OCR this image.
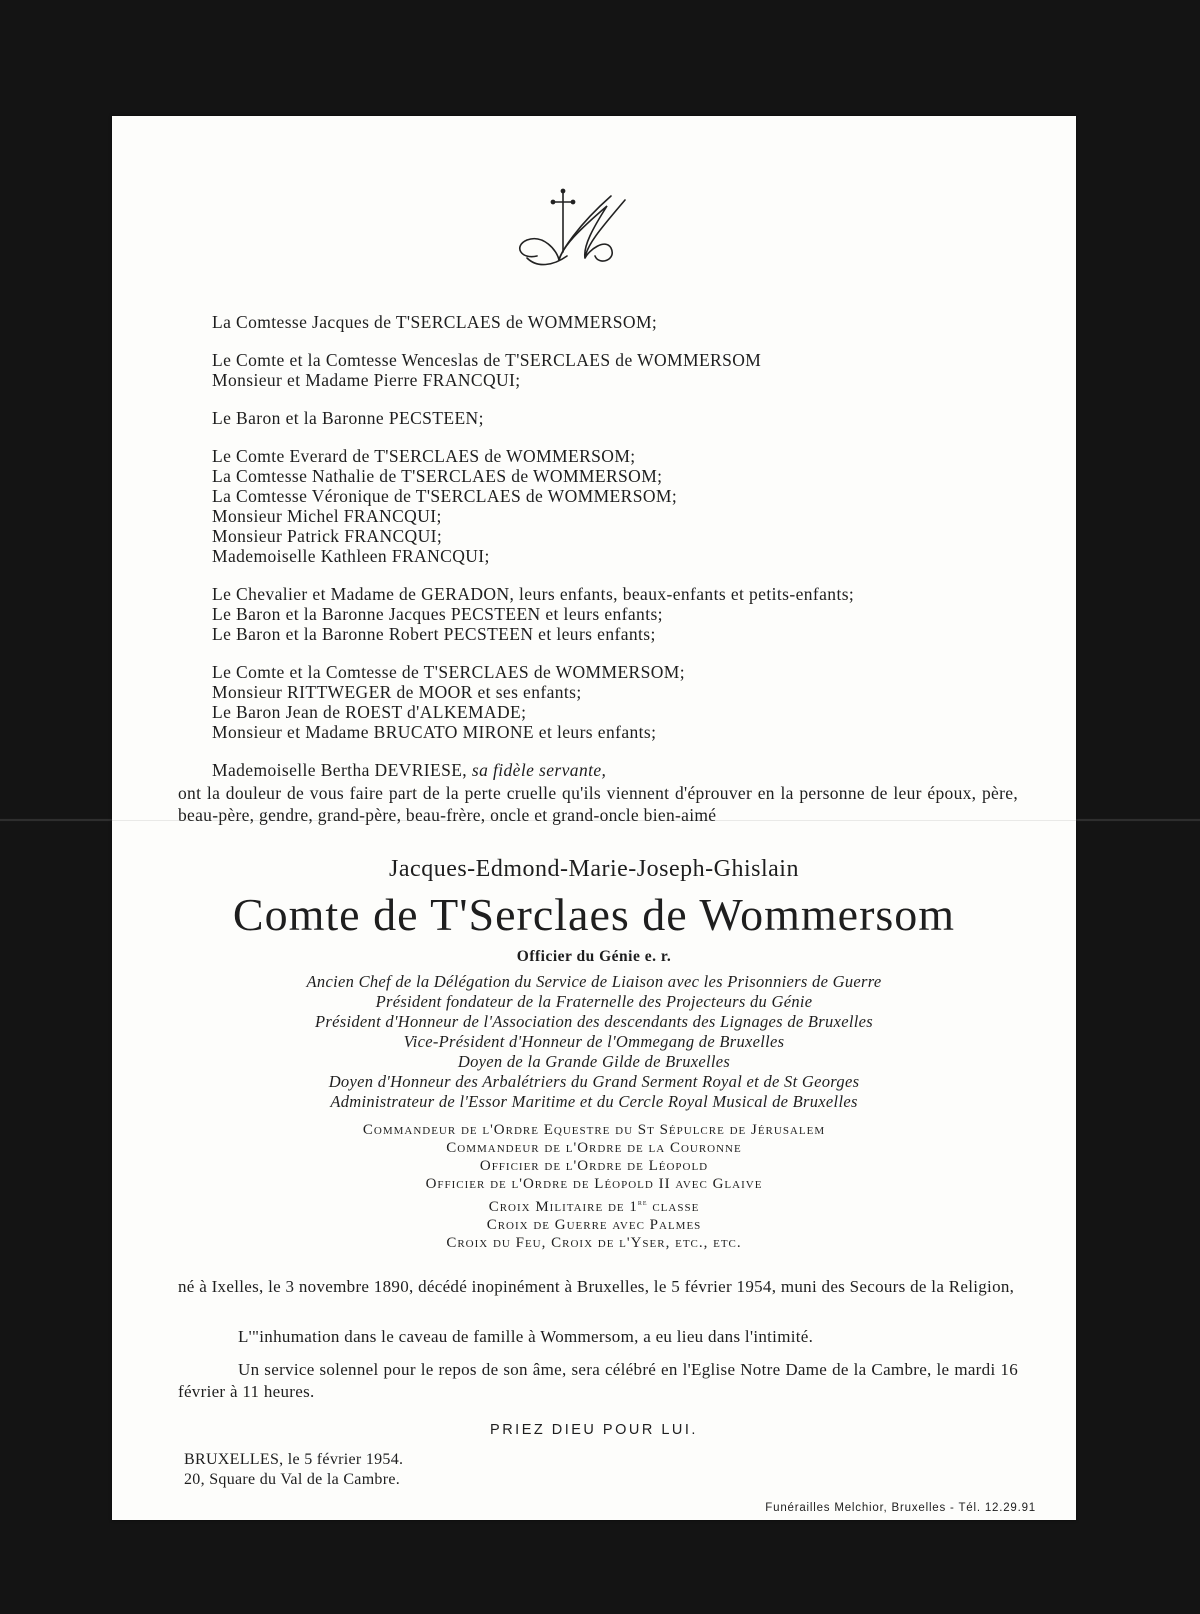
La Comtesse Jacques de T'SERCLAES de WOMMERSOM;
Le Comte et la Comtesse Wenceslas de T'SERCLAES de WOMMERSOM
Monsieur et Madame Pierre FRANCQUI;
Le Baron et la Baronne PECSTEEN;
Le Comte Everard de T'SERCLAES de WOMMERSOM;
La Comtesse Nathalie de T'SERCLAES de WOMMERSOM;
La Comtesse Véronique de T'SERCLAES de WOMMERSOM;
Monsieur Michel FRANCQUI;
Monsieur Patrick FRANCQUI;
Mademoiselle Kathleen FRANCQUI;
Le Chevalier et Madame de GERADON, leurs enfants, beaux-enfants et petits-enfants;
Le Baron et la Baronne Jacques PECSTEEN et leurs enfants;
Le Baron et la Baronne Robert PECSTEEN et leurs enfants;
Le Comte et la Comtesse de T'SERCLAES de WOMMERSOM;
Monsieur RITTWEGER de MOOR et ses enfants;
Le Baron Jean de ROEST d'ALKEMADE;
Monsieur et Madame BRUCATO MIRONE et leurs enfants;
Mademoiselle Bertha DEVRIESE, sa fidèle servante,
ont la douleur de vous faire part de la perte cruelle qu'ils viennent d'éprouver en la personne de leur époux, père, beau-père, gendre, grand-père, beau-frère, oncle et grand-oncle bien-aimé
Jacques-Edmond-Marie-Joseph-Ghislain
Comte de T'Serclaes de Wommersom
Officier du Génie e. r.
Ancien Chef de la Délégation du Service de Liaison avec les Prisonniers de Guerre
Président fondateur de la Fraternelle des Projecteurs du Génie
Président d'Honneur de l'Association des descendants des Lignages de Bruxelles
Vice-Président d'Honneur de l'Ommegang de Bruxelles
Doyen de la Grande Gilde de Bruxelles
Doyen d'Honneur des Arbalétriers du Grand Serment Royal et de St Georges
Administrateur de l'Essor Maritime et du Cercle Royal Musical de Bruxelles
Commandeur de l'Ordre Equestre du St Sépulcre de Jérusalem
Commandeur de l'Ordre de la Couronne
Officier de l'Ordre de Léopold
Officier de l'Ordre de Léopold II avec Glaive
Croix Militaire de 1re classe
Croix de Guerre avec Palmes
Croix du Feu, Croix de l'Yser, etc., etc.
né à Ixelles, le 3 novembre 1890, décédé inopinément à Bruxelles, le 5 février 1954, muni des Secours de la Religion,
L'"inhumation dans le caveau de famille à Wommersom, a eu lieu dans l'intimité.
Un service solennel pour le repos de son âme, sera célébré en l'Eglise Notre Dame de la Cambre, le mardi 16 février à 11 heures.
PRIEZ DIEU POUR LUI.
BRUXELLES, le 5 février 1954.
20, Square du Val de la Cambre.
Funérailles Melchior, Bruxelles - Tél. 12.29.91
